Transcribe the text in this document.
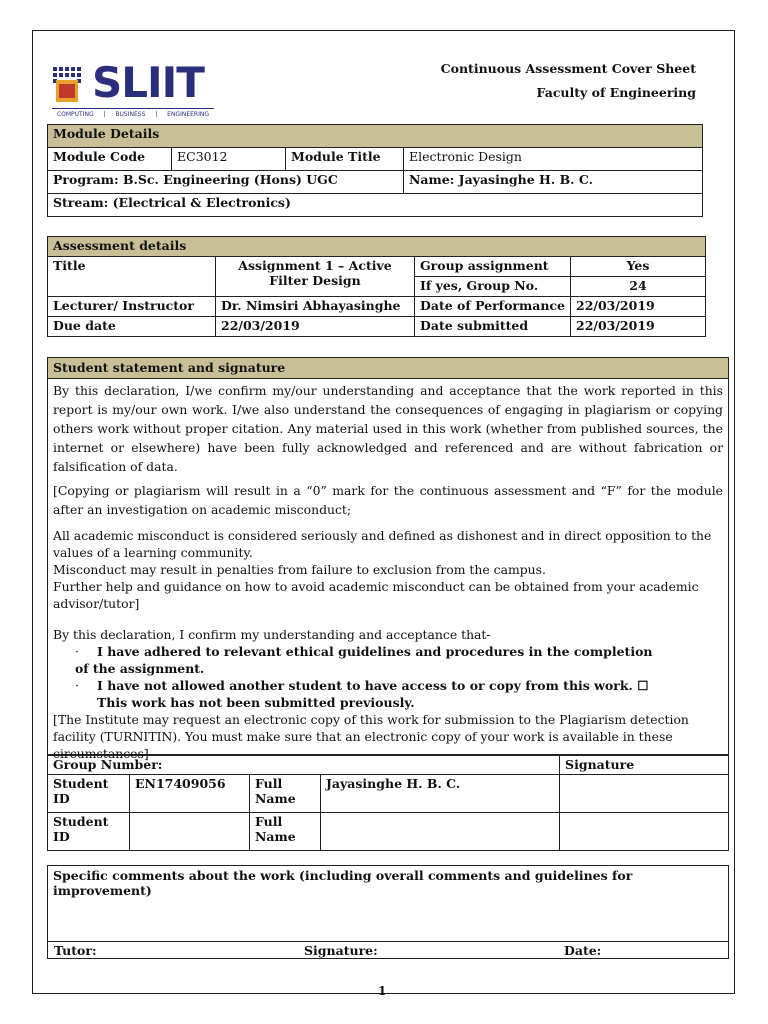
SLIIT
COMPUTING | BUSINESS | ENGINEERING
Continuous Assessment Cover Sheet
Faculty of Engineering
Module Details			
Module Code	EC3012	Module Title	Electronic Design
Program: B.Sc. Engineering (Hons) UGC			Name: Jayasinghe H. B. C.
Stream: (Electrical & Electronics)			
Assessment details			
Title	Assignment 1 – Active Filter Design	Group assignment	Yes
		If yes, Group No.	24
Lecturer/ Instructor	Dr. Nimsiri Abhayasinghe	Date of Performance	22/03/2019
Due date	22/03/2019	Date submitted	22/03/2019
Student statement and signature

By this declaration, I/we confirm my/our understanding and acceptance that the work reported in this report is my/our own work. I/we also understand the consequences of engaging in plagiarism or copying others work without proper citation. Any material used in this work (whether from published sources, the internet or elsewhere) have been fully acknowledged and referenced and are without fabrication or falsification of data.

[Copying or plagiarism will result in a “0” mark for the continuous assessment and “F” for the module after an investigation on academic misconduct;

All academic misconduct is considered seriously and defined as dishonest and in direct opposition to the values of a learning community.

Misconduct may result in penalties from failure to exclusion from the campus.

Further help and guidance on how to avoid academic misconduct can be obtained from your academic advisor/tutor]

By this declaration, I confirm my understanding and acceptance that-

· I have adhered to relevant ethical guidelines and procedures in the completion
of the assignment.
· I have not allowed another student to have access to or copy from this work. ☐
This work has not been submitted previously.

[The Institute may request an electronic copy of this work for submission to the Plagiarism detection facility (TURNITIN). You must make sure that an electronic copy of your work is available in these circumstances]

Group Number:				Signature
Student ID	EN17409056	Full Name	Jayasinghe H. B. C.	
Student ID		Full Name		
Specific comments about the work (including overall comments and guidelines for improvement)
Tutor:	Signature:	Date:
1
